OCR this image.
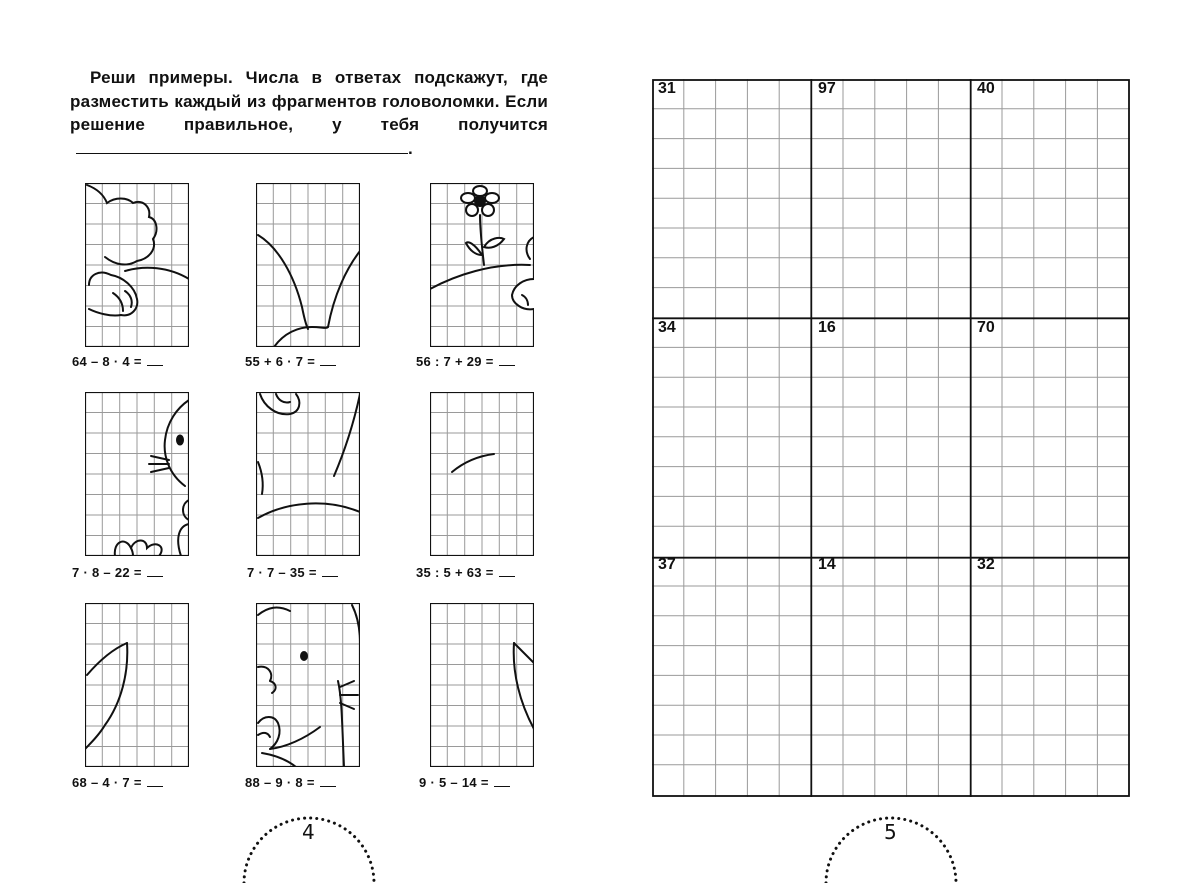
Реши примеры. Числа в ответах подскажут, где разместить каждый из фрагментов головоломки. Если решение правильное, у тебя получится.
64 – 8 · 4 =	55 + 6 · 7 =	56 : 7 + 29 =
7 · 8 – 22 =	7 · 7 – 35 =	35 : 5 + 63 =
68 – 4 · 7 =	88 – 9 · 8 =	9 · 5 – 14 =
31	97	40
34	16	70
37	14	32
4	5
